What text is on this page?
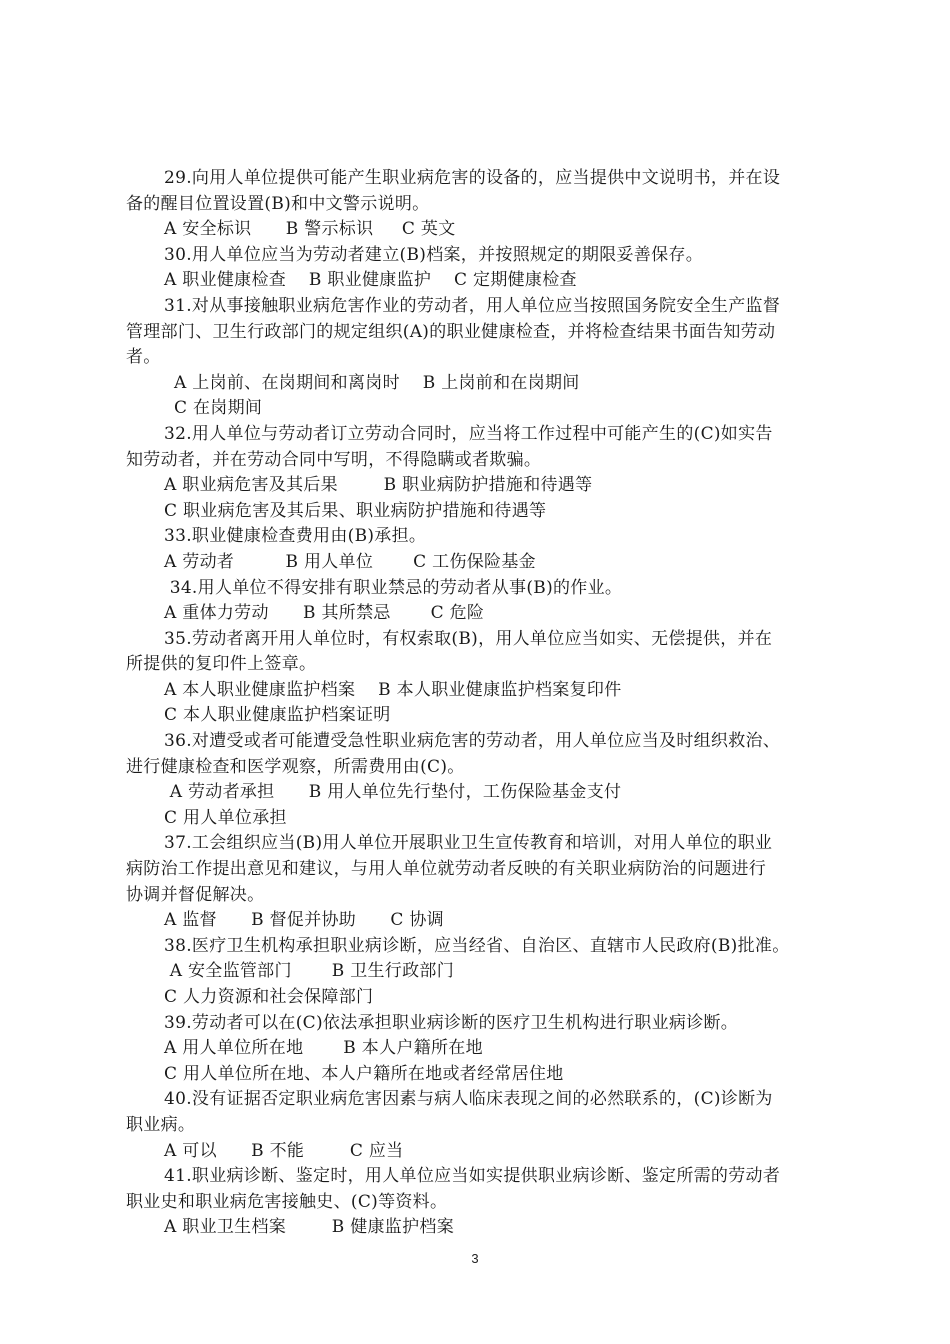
29.向用人单位提供可能产生职业病危害的设备的，应当提供中文说明书，并在设
备的醒目位置设置(B)和中文警示说明。
A 安全标识      B 警示标识     C 英文
30.用人单位应当为劳动者建立(B)档案，并按照规定的期限妥善保存。
A 职业健康检查    B 职业健康监护    C 定期健康检查
31.对从事接触职业病危害作业的劳动者，用人单位应当按照国务院安全生产监督
管理部门、卫生行政部门的规定组织(A)的职业健康检查，并将检查结果书面告知劳动
者。
A 上岗前、在岗期间和离岗时    B 上岗前和在岗期间
C 在岗期间
32.用人单位与劳动者订立劳动合同时，应当将工作过程中可能产生的(C)如实告
知劳动者，并在劳动合同中写明，不得隐瞒或者欺骗。
A 职业病危害及其后果        B 职业病防护措施和待遇等
C 职业病危害及其后果、职业病防护措施和待遇等
33.职业健康检查费用由(B)承担。
A 劳动者         B 用人单位       C 工伤保险基金
34.用人单位不得安排有职业禁忌的劳动者从事(B)的作业。
A 重体力劳动      B 其所禁忌       C 危险
35.劳动者离开用人单位时，有权索取(B)，用人单位应当如实、无偿提供，并在
所提供的复印件上签章。
A 本人职业健康监护档案    B 本人职业健康监护档案复印件
C 本人职业健康监护档案证明
36.对遭受或者可能遭受急性职业病危害的劳动者，用人单位应当及时组织救治、
进行健康检查和医学观察，所需费用由(C)。
A 劳动者承担      B 用人单位先行垫付，工伤保险基金支付
C 用人单位承担
37.工会组织应当(B)用人单位开展职业卫生宣传教育和培训，对用人单位的职业
病防治工作提出意见和建议，与用人单位就劳动者反映的有关职业病防治的问题进行
协调并督促解决。
A 监督      B 督促并协助      C 协调
38.医疗卫生机构承担职业病诊断，应当经省、自治区、直辖市人民政府(B)批准。
A 安全监管部门       B 卫生行政部门
C 人力资源和社会保障部门
39.劳动者可以在(C)依法承担职业病诊断的医疗卫生机构进行职业病诊断。
A 用人单位所在地       B 本人户籍所在地
C 用人单位所在地、本人户籍所在地或者经常居住地
40.没有证据否定职业病危害因素与病人临床表现之间的必然联系的，(C)诊断为
职业病。
A 可以      B 不能        C 应当
41.职业病诊断、鉴定时，用人单位应当如实提供职业病诊断、鉴定所需的劳动者
职业史和职业病危害接触史、(C)等资料。
A 职业卫生档案        B 健康监护档案
3
